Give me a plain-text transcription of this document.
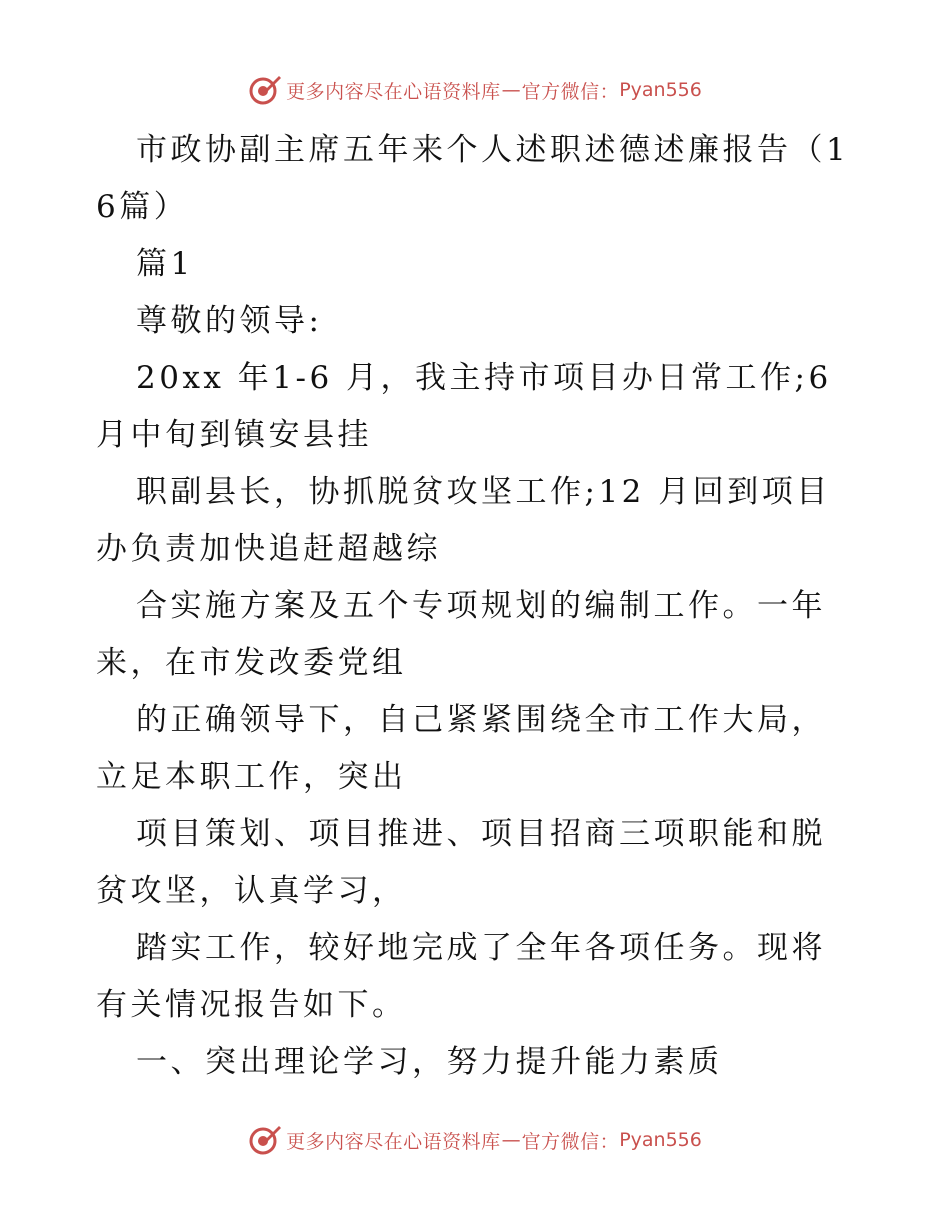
更多内容尽在心语资料库 — 官方微信： Pyan556

市政协副主席五年来个人述职述德述廉报告（16篇）

篇1

尊敬的领导:

20xx 年1-6 月，我主持市项目办日常工作;6 月中旬到镇安县挂

职副县长，协抓脱贫攻坚工作;12 月回到项目办负责加快追赶超越综

合实施方案及五个专项规划的编制工作。一年来，在市发改委党组

的正确领导下，自己紧紧围绕全市工作大局，立足本职工作，突出

项目策划、项目推进、项目招商三项职能和脱贫攻坚，认真学习，

踏实工作，较好地完成了全年各项任务。现将有关情况报告如下。

一、突出理论学习，努力提升能力素质

更多内容尽在心语资料库 — 官方微信： Pyan556
